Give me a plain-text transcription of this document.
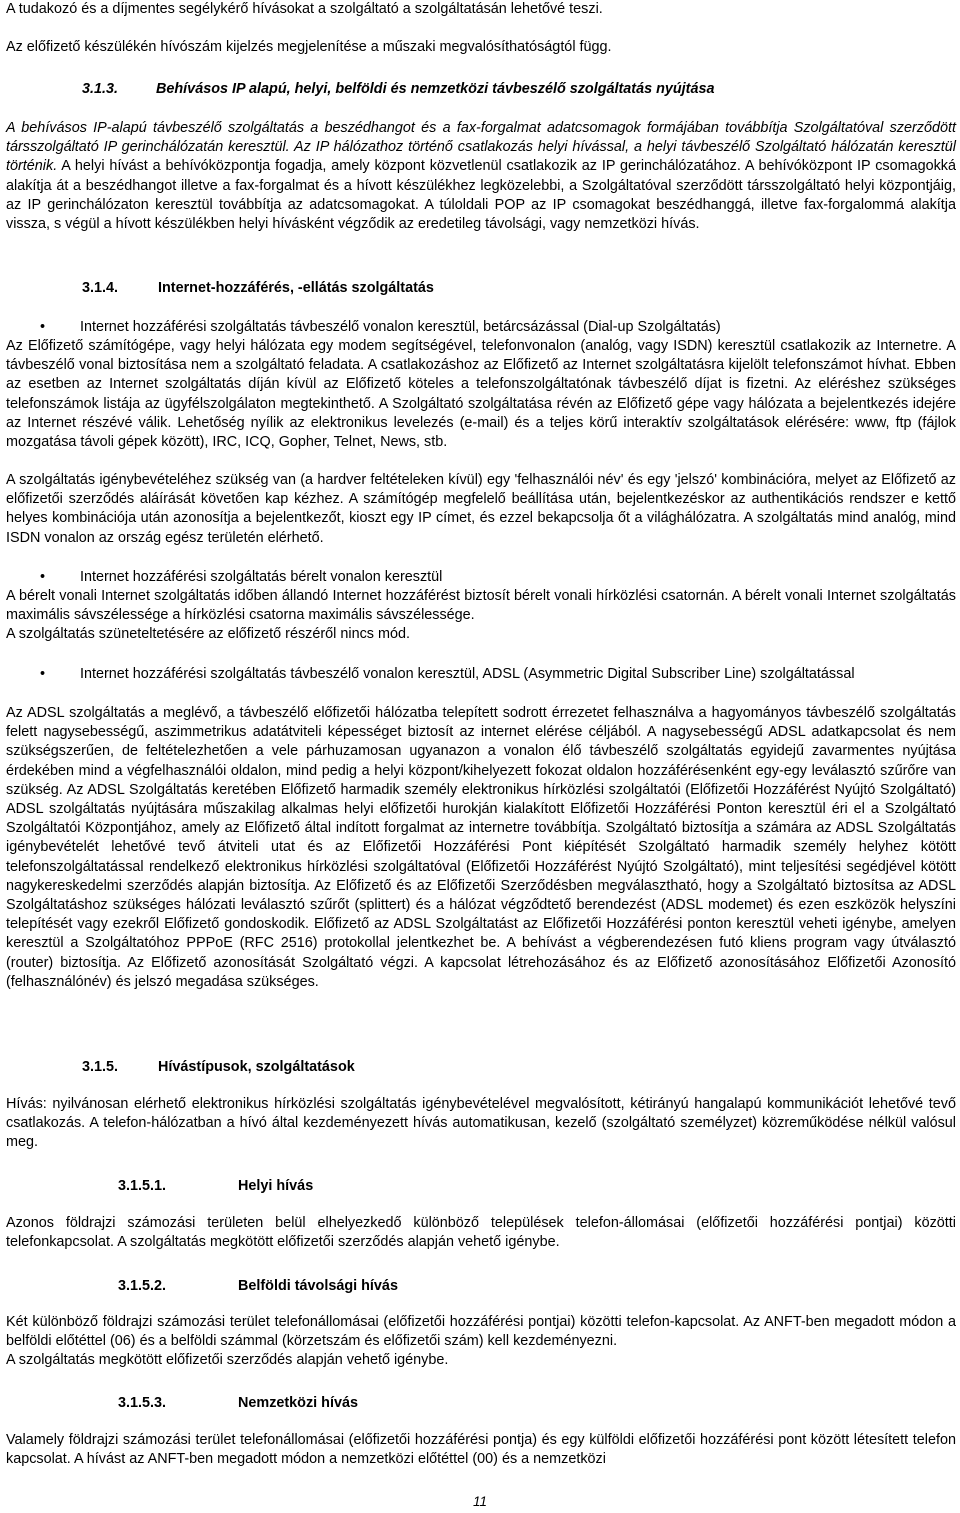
A tudakozó és a díjmentes segélykérő hívásokat a szolgáltató a szolgáltatásán lehetővé teszi.

Az előfizető készülékén hívószám kijelzés megjelenítése a műszaki megvalósíthatóságtól függ.

3.1.3.	Behívásos IP alapú, helyi, belföldi és nemzetközi távbeszélő szolgáltatás nyújtása

A behívásos IP-alapú távbeszélő szolgáltatás a beszédhangot és a fax-forgalmat adatcsomagok formájában továbbítja Szolgáltatóval szerződött társszolgáltató IP gerinchálózatán keresztül. Az IP hálózathoz történő csatlakozás helyi hívással, a helyi távbeszélő Szolgáltató hálózatán keresztül történik. A helyi hívást a behívóközpontja fogadja, amely központ közvetlenül csatlakozik az IP gerinchálózatához. A behívóközpont IP csomagokká alakítja át a beszédhangot illetve a fax-forgalmat és a hívott készülékhez legközelebbi, a Szolgáltatóval szerződött társszolgáltató helyi központjáig, az IP gerinchálózaton keresztül továbbítja az adatcsomagokat. A túloldali POP az IP csomagokat beszédhanggá, illetve fax-forgalommá alakítja vissza, s végül a hívott készülékben helyi hívásként végződik az eredetileg távolsági, vagy nemzetközi hívás.

3.1.4.	Internet-hozzáférés, -ellátás szolgáltatás
• Internet hozzáférési szolgáltatás távbeszélő vonalon keresztül, betárcsázással (Dial-up Szolgáltatás)

Az Előfizető számítógépe, vagy helyi hálózata egy modem segítségével, telefonvonalon (analóg, vagy ISDN) keresztül csatlakozik az Internetre. A távbeszélő vonal biztosítása nem a szolgáltató feladata. A csatlakozáshoz az Előfizető az Internet szolgáltatásra kijelölt telefonszámot hívhat. Ebben az esetben az Internet szolgáltatás díján kívül az Előfizető köteles a telefonszolgáltatónak távbeszélő díjat is fizetni. Az eléréshez szükséges telefonszámok listája az ügyfélszolgálaton megtekinthető. A Szolgáltató szolgáltatása révén az Előfizető gépe vagy hálózata a bejelentkezés idejére az Internet részévé válik. Lehetőség nyílik az elektronikus levelezés (e-mail) és a teljes körű interaktív szolgáltatások elérésére: www, ftp (fájlok mozgatása távoli gépek között), IRC, ICQ, Gopher, Telnet, News, stb.

A szolgáltatás igénybevételéhez szükség van (a hardver feltételeken kívül) egy 'felhasználói név' és egy 'jelszó' kombinációra, melyet az Előfizető az előfizetői szerződés aláírását követően kap kézhez. A számítógép megfelelő beállítása után, bejelentkezéskor az authentikációs rendszer e kettő helyes kombinációja után azonosítja a bejelentkezőt, kioszt egy IP címet, és ezzel bekapcsolja őt a világhálózatra. A szolgáltatás mind analóg, mind ISDN vonalon az ország egész területén elérhető.

• Internet hozzáférési szolgáltatás bérelt vonalon keresztül

A bérelt vonali Internet szolgáltatás időben állandó Internet hozzáférést biztosít bérelt vonali hírközlési csatornán. A bérelt vonali Internet szolgáltatás maximális sávszélessége a hírközlési csatorna maximális sávszélessége.

A szolgáltatás szüneteltetésére az előfizető részéről nincs mód.

• Internet hozzáférési szolgáltatás távbeszélő vonalon keresztül, ADSL (Asymmetric Digital Subscriber Line) szolgáltatással

Az ADSL szolgáltatás a meglévő, a távbeszélő előfizetői hálózatba telepített sodrott érrezetet felhasználva a hagyományos távbeszélő szolgáltatás felett nagysebességű, aszimmetrikus adatátviteli képességet biztosít az internet elérése céljából. A nagysebességű ADSL adatkapcsolat és nem szükségszerűen, de feltételezhetően a vele párhuzamosan ugyanazon a vonalon élő távbeszélő szolgáltatás egyidejű zavarmentes nyújtása érdekében mind a végfelhasználói oldalon, mind pedig a helyi központ/kihelyezett fokozat oldalon hozzáférésenként egy-egy leválasztó szűrőre van szükség. Az ADSL Szolgáltatás keretében Előfizető harmadik személy elektronikus hírközlési szolgáltatói (Előfizetői Hozzáférést Nyújtó Szolgáltató) ADSL szolgáltatás nyújtására műszakilag alkalmas helyi előfizetői hurokján kialakított Előfizetői Hozzáférési Ponton keresztül éri el a Szolgáltató Szolgáltatói Központjához, amely az Előfizető által indított forgalmat az internetre továbbítja. Szolgáltató biztosítja a számára az ADSL Szolgáltatás igénybevételét lehetővé tevő átviteli utat és az Előfizetői Hozzáférési Pont kiépítését Szolgáltató harmadik személy helyhez kötött telefonszolgáltatással rendelkező elektronikus hírközlési szolgáltatóval (Előfizetői Hozzáférést Nyújtó Szolgáltató), mint teljesítési segédjével kötött nagykereskedelmi szerződés alapján biztosítja. Az Előfizető és az Előfizetői Szerződésben megválasztható, hogy a Szolgáltató biztosítsa az ADSL Szolgáltatáshoz szükséges hálózati leválasztó szűrőt (splittert) és a hálózat végződtető berendezést (ADSL modemet) és ezen eszközök helyszíni telepítését vagy ezekről Előfizető gondoskodik. Előfizető az ADSL Szolgáltatást az Előfizetői Hozzáférési ponton keresztül veheti igénybe, amelyen keresztül a Szolgáltatóhoz PPPoE (RFC 2516) protokollal jelentkezhet be. A behívást a végberendezésen futó kliens program vagy útválasztó (router) biztosítja. Az Előfizető azonosítását Szolgáltató végzi. A kapcsolat létrehozásához és az Előfizető azonosításához Előfizetői Azonosító (felhasználónév) és jelszó megadása szükséges.

3.1.5.	Hívástípusok, szolgáltatások

Hívás: nyilvánosan elérhető elektronikus hírközlési szolgáltatás igénybevételével megvalósított, kétirányú hangalapú kommunikációt lehetővé tevő csatlakozás. A telefon-hálózatban a hívó által kezdeményezett hívás automatikusan, kezelő (szolgáltató személyzet) közreműködése nélkül valósul meg.

3.1.5.1.	Helyi hívás

Azonos földrajzi számozási területen belül elhelyezkedő különböző települések telefon-állomásai (előfizetői hozzáférési pontjai) közötti telefonkapcsolat. A szolgáltatás megkötött előfizetői szerződés alapján vehető igénybe.

3.1.5.2.	Belföldi távolsági hívás

Két különböző földrajzi számozási terület telefonállomásai (előfizetői hozzáférési pontjai) közötti telefon-kapcsolat. Az ANFT-ben megadott módon a belföldi előtéttel (06) és a belföldi számmal (körzetszám és előfizetői szám) kell kezdeményezni.

A szolgáltatás megkötött előfizetői szerződés alapján vehető igénybe.

3.1.5.3.	Nemzetközi hívás

Valamely földrajzi számozási terület telefonállomásai (előfizetői hozzáférési pontja) és egy külföldi előfizetői hozzáférési pont között létesített telefon kapcsolat. A hívást az ANFT-ben megadott módon a nemzetközi előtéttel (00) és a nemzetközi

11
